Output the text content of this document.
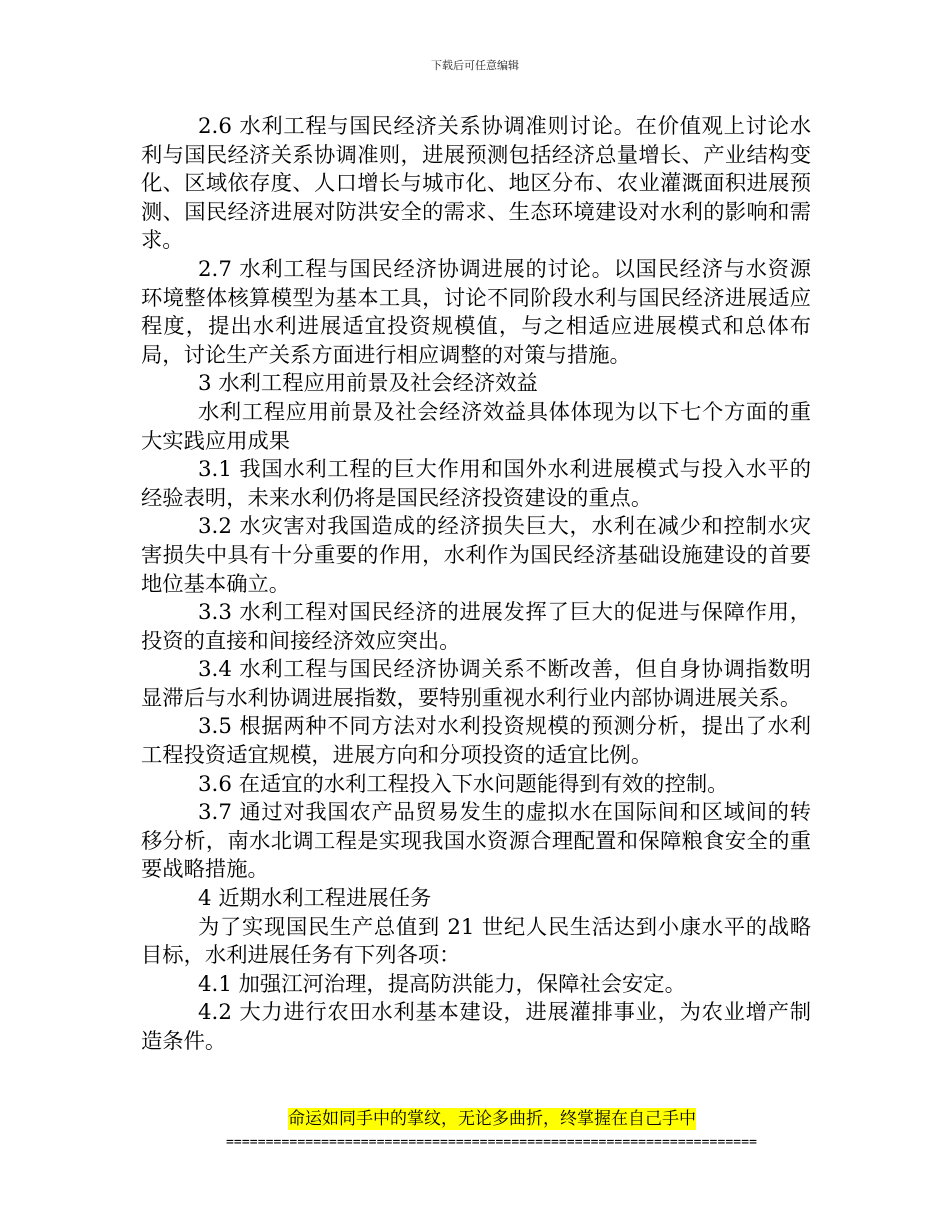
下载后可任意编辑

2.6 水利工程与国民经济关系协调准则讨论。在价值观上讨论水利与国民经济关系协调准则，进展预测包括经济总量增长、产业结构变化、区域依存度、人口增长与城市化、地区分布、农业灌溉面积进展预测、国民经济进展对防洪安全的需求、生态环境建设对水利的影响和需求。

2.7 水利工程与国民经济协调进展的讨论。以国民经济与水资源环境整体核算模型为基本工具，讨论不同阶段水利与国民经济进展适应程度，提出水利进展适宜投资规模值，与之相适应进展模式和总体布局，讨论生产关系方面进行相应调整的对策与措施。

3 水利工程应用前景及社会经济效益

水利工程应用前景及社会经济效益具体体现为以下七个方面的重大实践应用成果

3.1 我国水利工程的巨大作用和国外水利进展模式与投入水平的经验表明，未来水利仍将是国民经济投资建设的重点。

3.2 水灾害对我国造成的经济损失巨大，水利在减少和控制水灾害损失中具有十分重要的作用，水利作为国民经济基础设施建设的首要地位基本确立。

3.3 水利工程对国民经济的进展发挥了巨大的促进与保障作用，投资的直接和间接经济效应突出。

3.4 水利工程与国民经济协调关系不断改善，但自身协调指数明显滞后与水利协调进展指数，要特别重视水利行业内部协调进展关系。

3.5 根据两种不同方法对水利投资规模的预测分析，提出了水利工程投资适宜规模，进展方向和分项投资的适宜比例。

3.6 在适宜的水利工程投入下水问题能得到有效的控制。

3.7 通过对我国农产品贸易发生的虚拟水在国际间和区域间的转移分析，南水北调工程是实现我国水资源合理配置和保障粮食安全的重要战略措施。

4 近期水利工程进展任务

为了实现国民生产总值到 21 世纪人民生活达到小康水平的战略目标，水利进展任务有下列各项：

4.1 加强江河治理，提高防洪能力，保障社会安定。

4.2 大力进行农田水利基本建设，进展灌排事业，为农业增产制造条件。

命运如同手中的掌纹，无论多曲折，终掌握在自己手中
===================================================================
